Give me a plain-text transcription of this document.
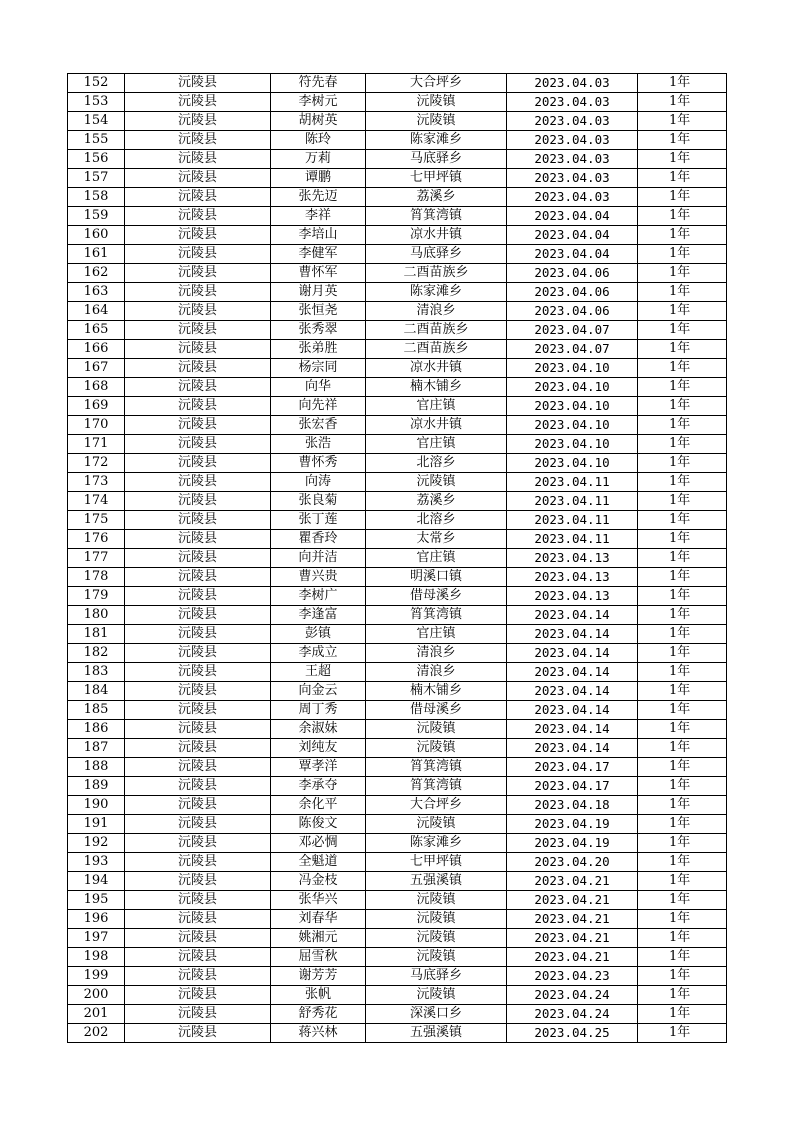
152	沅陵县	符先春	大合坪乡	2023.04.03	1年
153	沅陵县	李树元	沅陵镇	2023.04.03	1年
154	沅陵县	胡树英	沅陵镇	2023.04.03	1年
155	沅陵县	陈玲	陈家滩乡	2023.04.03	1年
156	沅陵县	万莉	马底驿乡	2023.04.03	1年
157	沅陵县	谭鹏	七甲坪镇	2023.04.03	1年
158	沅陵县	张先迈	荔溪乡	2023.04.03	1年
159	沅陵县	李祥	筲箕湾镇	2023.04.04	1年
160	沅陵县	李培山	凉水井镇	2023.04.04	1年
161	沅陵县	李健军	马底驿乡	2023.04.04	1年
162	沅陵县	曹怀军	二酉苗族乡	2023.04.06	1年
163	沅陵县	谢月英	陈家滩乡	2023.04.06	1年
164	沅陵县	张恒尧	清浪乡	2023.04.06	1年
165	沅陵县	张秀翠	二酉苗族乡	2023.04.07	1年
166	沅陵县	张弟胜	二酉苗族乡	2023.04.07	1年
167	沅陵县	杨宗同	凉水井镇	2023.04.10	1年
168	沅陵县	向华	楠木铺乡	2023.04.10	1年
169	沅陵县	向先祥	官庄镇	2023.04.10	1年
170	沅陵县	张宏香	凉水井镇	2023.04.10	1年
171	沅陵县	张浩	官庄镇	2023.04.10	1年
172	沅陵县	曹怀秀	北溶乡	2023.04.10	1年
173	沅陵县	向涛	沅陵镇	2023.04.11	1年
174	沅陵县	张良菊	荔溪乡	2023.04.11	1年
175	沅陵县	张丁莲	北溶乡	2023.04.11	1年
176	沅陵县	瞿香玲	太常乡	2023.04.11	1年
177	沅陵县	向并洁	官庄镇	2023.04.13	1年
178	沅陵县	曹兴贵	明溪口镇	2023.04.13	1年
179	沅陵县	李树广	借母溪乡	2023.04.13	1年
180	沅陵县	李逢富	筲箕湾镇	2023.04.14	1年
181	沅陵县	彭镇	官庄镇	2023.04.14	1年
182	沅陵县	李成立	清浪乡	2023.04.14	1年
183	沅陵县	王超	清浪乡	2023.04.14	1年
184	沅陵县	向金云	楠木铺乡	2023.04.14	1年
185	沅陵县	周丁秀	借母溪乡	2023.04.14	1年
186	沅陵县	余淑妹	沅陵镇	2023.04.14	1年
187	沅陵县	刘纯友	沅陵镇	2023.04.14	1年
188	沅陵县	覃孝洋	筲箕湾镇	2023.04.17	1年
189	沅陵县	李承夺	筲箕湾镇	2023.04.17	1年
190	沅陵县	余化平	大合坪乡	2023.04.18	1年
191	沅陵县	陈俊文	沅陵镇	2023.04.19	1年
192	沅陵县	邓必惆	陈家滩乡	2023.04.19	1年
193	沅陵县	全魁道	七甲坪镇	2023.04.20	1年
194	沅陵县	冯金枝	五强溪镇	2023.04.21	1年
195	沅陵县	张华兴	沅陵镇	2023.04.21	1年
196	沅陵县	刘春华	沅陵镇	2023.04.21	1年
197	沅陵县	姚湘元	沅陵镇	2023.04.21	1年
198	沅陵县	屈雪秋	沅陵镇	2023.04.21	1年
199	沅陵县	谢芳芳	马底驿乡	2023.04.23	1年
200	沅陵县	张帆	沅陵镇	2023.04.24	1年
201	沅陵县	舒秀花	深溪口乡	2023.04.24	1年
202	沅陵县	蒋兴林	五强溪镇	2023.04.25	1年
